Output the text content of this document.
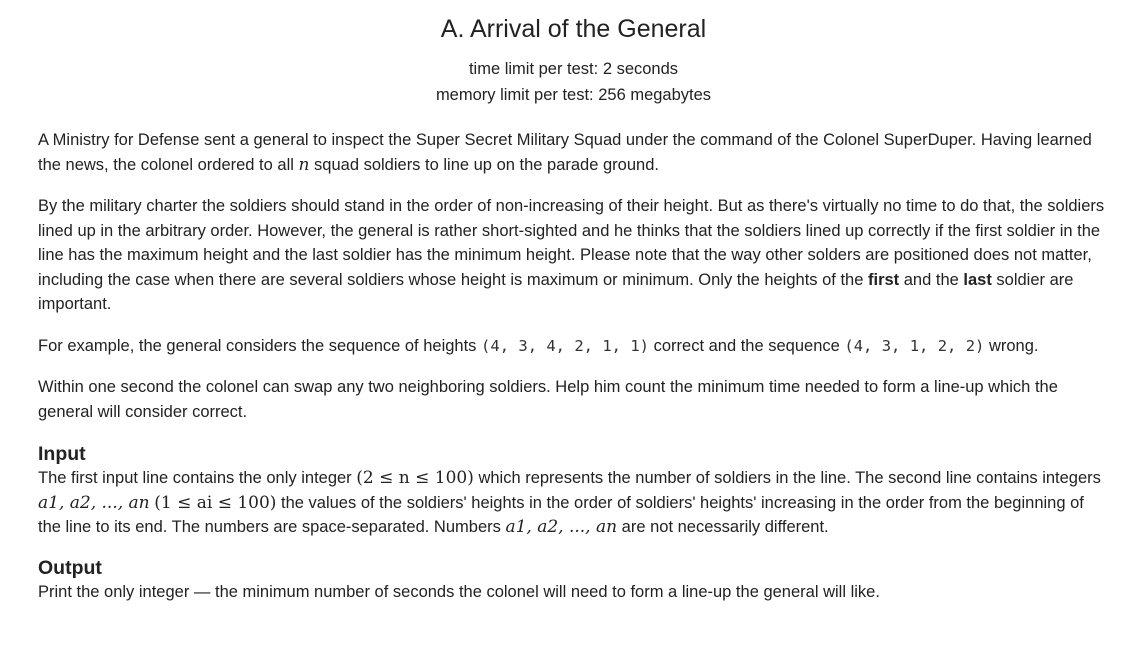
A. Arrival of the General
time limit per test: 2 seconds
memory limit per test: 256 megabytes

A Ministry for Defense sent a general to inspect the Super Secret Military Squad under the command of the Colonel SuperDuper. Having learned the news, the colonel ordered to all n squad soldiers to line up on the parade ground.

By the military charter the soldiers should stand in the order of non-increasing of their height. But as there's virtually no time to do that, the soldiers lined up in the arbitrary order. However, the general is rather short-sighted and he thinks that the soldiers lined up correctly if the first soldier in the line has the maximum height and the last soldier has the minimum height. Please note that the way other solders are positioned does not matter, including the case when there are several soldiers whose height is maximum or minimum. Only the heights of the first and the last soldier are important.

For example, the general considers the sequence of heights (4, 3, 4, 2, 1, 1) correct and the sequence (4, 3, 1, 2, 2) wrong.

Within one second the colonel can swap any two neighboring soldiers. Help him count the minimum time needed to form a line-up which the general will consider correct.

Input

The first input line contains the only integer (2 ≤ n ≤ 100) which represents the number of soldiers in the line. The second line contains integers a1, a2, ..., an (1 ≤ ai ≤ 100) the values of the soldiers' heights in the order of soldiers' heights' increasing in the order from the beginning of the line to its end. The numbers are space-separated. Numbers a1, a2, ..., an are not necessarily different.

Output

Print the only integer — the minimum number of seconds the colonel will need to form a line-up the general will like.
